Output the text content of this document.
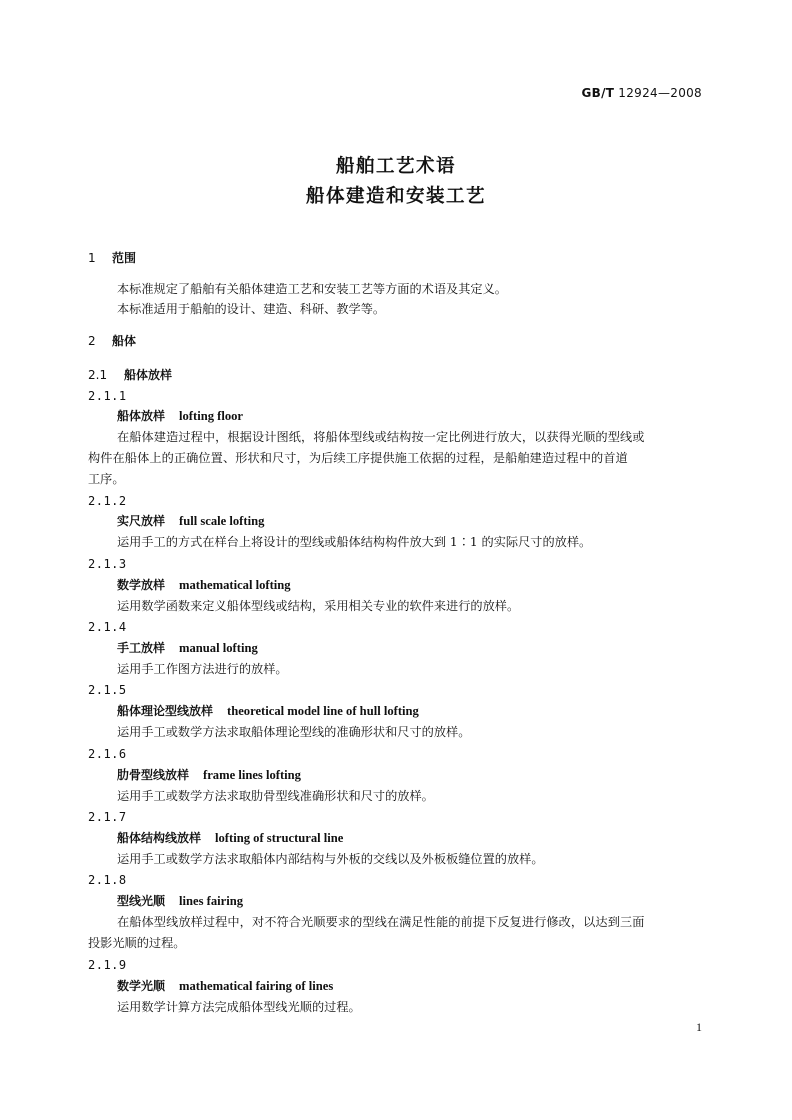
GB/T 12924—2008
船舶工艺术语
船体建造和安装工艺
1 范围
本标准规定了船舶有关船体建造工艺和安装工艺等方面的术语及其定义。
本标准适用于船舶的设计、建造、科研、教学等。
2 船体
2.1 船体放样
2.1.1
船体放样 lofting floor
在船体建造过程中，根据设计图纸，将船体型线或结构按一定比例进行放大，以获得光顺的型线或
构件在船体上的正确位置、形状和尺寸，为后续工序提供施工依据的过程，是船舶建造过程中的首道
工序。
2.1.2
实尺放样 full scale lofting
运用手工的方式在样台上将设计的型线或船体结构构件放大到 1∶1 的实际尺寸的放样。
2.1.3
数学放样 mathematical lofting
运用数学函数来定义船体型线或结构，采用相关专业的软件来进行的放样。
2.1.4
手工放样 manual lofting
运用手工作图方法进行的放样。
2.1.5
船体理论型线放样 theoretical model line of hull lofting
运用手工或数学方法求取船体理论型线的准确形状和尺寸的放样。
2.1.6
肋骨型线放样 frame lines lofting
运用手工或数学方法求取肋骨型线准确形状和尺寸的放样。
2.1.7
船体结构线放样 lofting of structural line
运用手工或数学方法求取船体内部结构与外板的交线以及外板板缝位置的放样。
2.1.8
型线光顺 lines fairing
在船体型线放样过程中，对不符合光顺要求的型线在满足性能的前提下反复进行修改，以达到三面
投影光顺的过程。
2.1.9
数学光顺 mathematical fairing of lines
运用数学计算方法完成船体型线光顺的过程。
1
